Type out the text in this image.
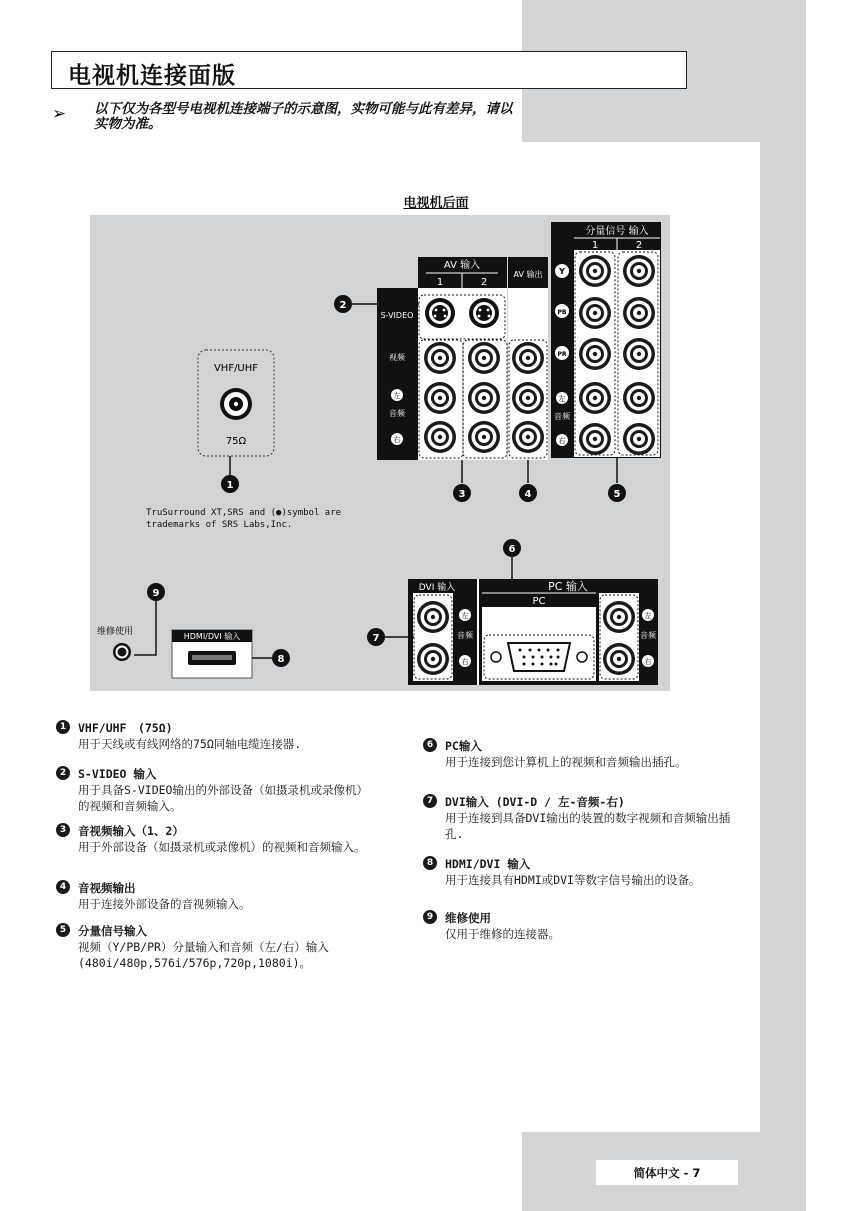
电视机连接面版
➢ 以下仅为各型号电视机连接端子的示意图，实物可能与此有差异，请以实物为准。
电视机后面
VHF/UHF
75Ω
1
AV 输入
1	2
AV 输出
S-VIDEO
视频
左
音频
右
2
3	4
分量信号 输入
1	2
Y
PB
PR
左
音频
右
5
6
DVI 输入	PC 输入
PC
左
音频
右
左
音频
右
7
9
维修使用	HDMI/DVI 输入
8
TruSurround XT,SRS and (●)symbol are trademarks of SRS Labs,Inc.
1	VHF/UHF　(75Ω)
用于天线或有线网络的75Ω同轴电缆连接器.
2	S-VIDEO 输入
用于具备S-VIDEO输出的外部设备（如摄录机或录像机）的视频和音频输入。
3	音视频输入（1、2）
用于外部设备（如摄录机或录像机）的视频和音频输入。
4	音视频输出
用于连接外部设备的音视频输入。
5	分量信号输入
视频（Y/PB/PR）分量输入和音频（左/右）输入
(480i/480p,576i/576p,720p,1080i)。
6	PC输入
用于连接到您计算机上的视频和音频输出插孔。
7	DVI输入 (DVI-D / 左-音频-右)
用于连接到具备DVI输出的装置的数字视频和音频输出插孔.
8	HDMI/DVI 输入
用于连接具有HDMI或DVI等数字信号输出的设备。
9	维修使用
仅用于维修的连接器。
简体中文 - 7
